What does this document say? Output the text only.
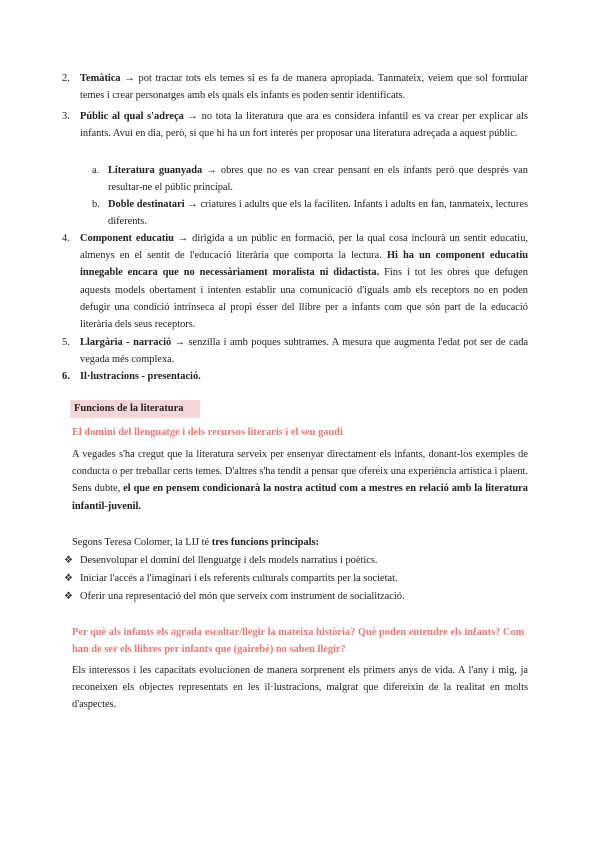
2. Temàtica → pot tractar tots els temes si es fa de manera apropiada. Tanmateix, veiem que sol formular temes i crear personatges amb els quals els infants es poden sentir identificats.

3. Públic al qual s'adreça → no tota la literatura que ara es considera infantil es va crear per explicar als infants. Avui en dia, però, sí que hi ha un fort interès per proposar una literatura adreçada a aquest públic.

a. Literatura guanyada → obres que no es van crear pensant en els infants però que després van resultar-ne el públic principal.

b. Doble destinatari → criatures i adults que els la faciliten. Infants i adults en fan, tanmateix, lectures diferents.

4. Component educatiu → dirigida a un públic en formació, per la qual cosa inclourà un sentit educatiu, almenys en el sentit de l'educació literària que comporta la lectura. Hi ha un component educatiu innegable encara que no necessàriament moralista ni didactista. Fins i tot les obres que defugen aquests models obertament i intenten establir una comunicació d'iguals amb els receptors no en poden defugir una condició intrínseca al propi ésser del llibre per a infants com que són part de la educació literària dels seus receptors.

5. Llargària - narració → senzilla i amb poques subtrames. A mesura que augmenta l'edat pot ser de cada vegada més complexa.

6. Il·lustracions - presentació.

Funcions de la literatura

El domini del llenguatge i dels recursos literaris i el seu gaudi

A vegades s'ha cregut que la literatura serveix per ensenyar directament els infants, donant-los exemples de conducta o per treballar certs temes. D'altres s'ha tendit a pensar que ofereix una experiència artística i plaent. Sens dubte, el que en pensem condicionarà la nostra actitud com a mestres en relació amb la literatura infantil-juvenil.

Segons Teresa Colomer, la LIJ té tres funcions principals:

❖ Desenvolupar el domini del llenguatge i dels models narratius i poètics.
❖ Iniciar l'accés a l'imaginari i els referents culturals compartits per la societat.
❖ Oferir una representació del món que serveix com instrument de socialització.

Per què als infants els agrada escoltar/llegir la mateixa història? Què poden entendre els infants? Com han de ser els llibres per infants que (gairebé) no saben llegir?

Els interessos i les capacitats evolucionen de manera sorprenent els primers anys de vida. A l'any i mig, ja reconeixen els objectes representats en les il·lustracions, malgrat que difereixin de la realitat en molts d'aspectes.
